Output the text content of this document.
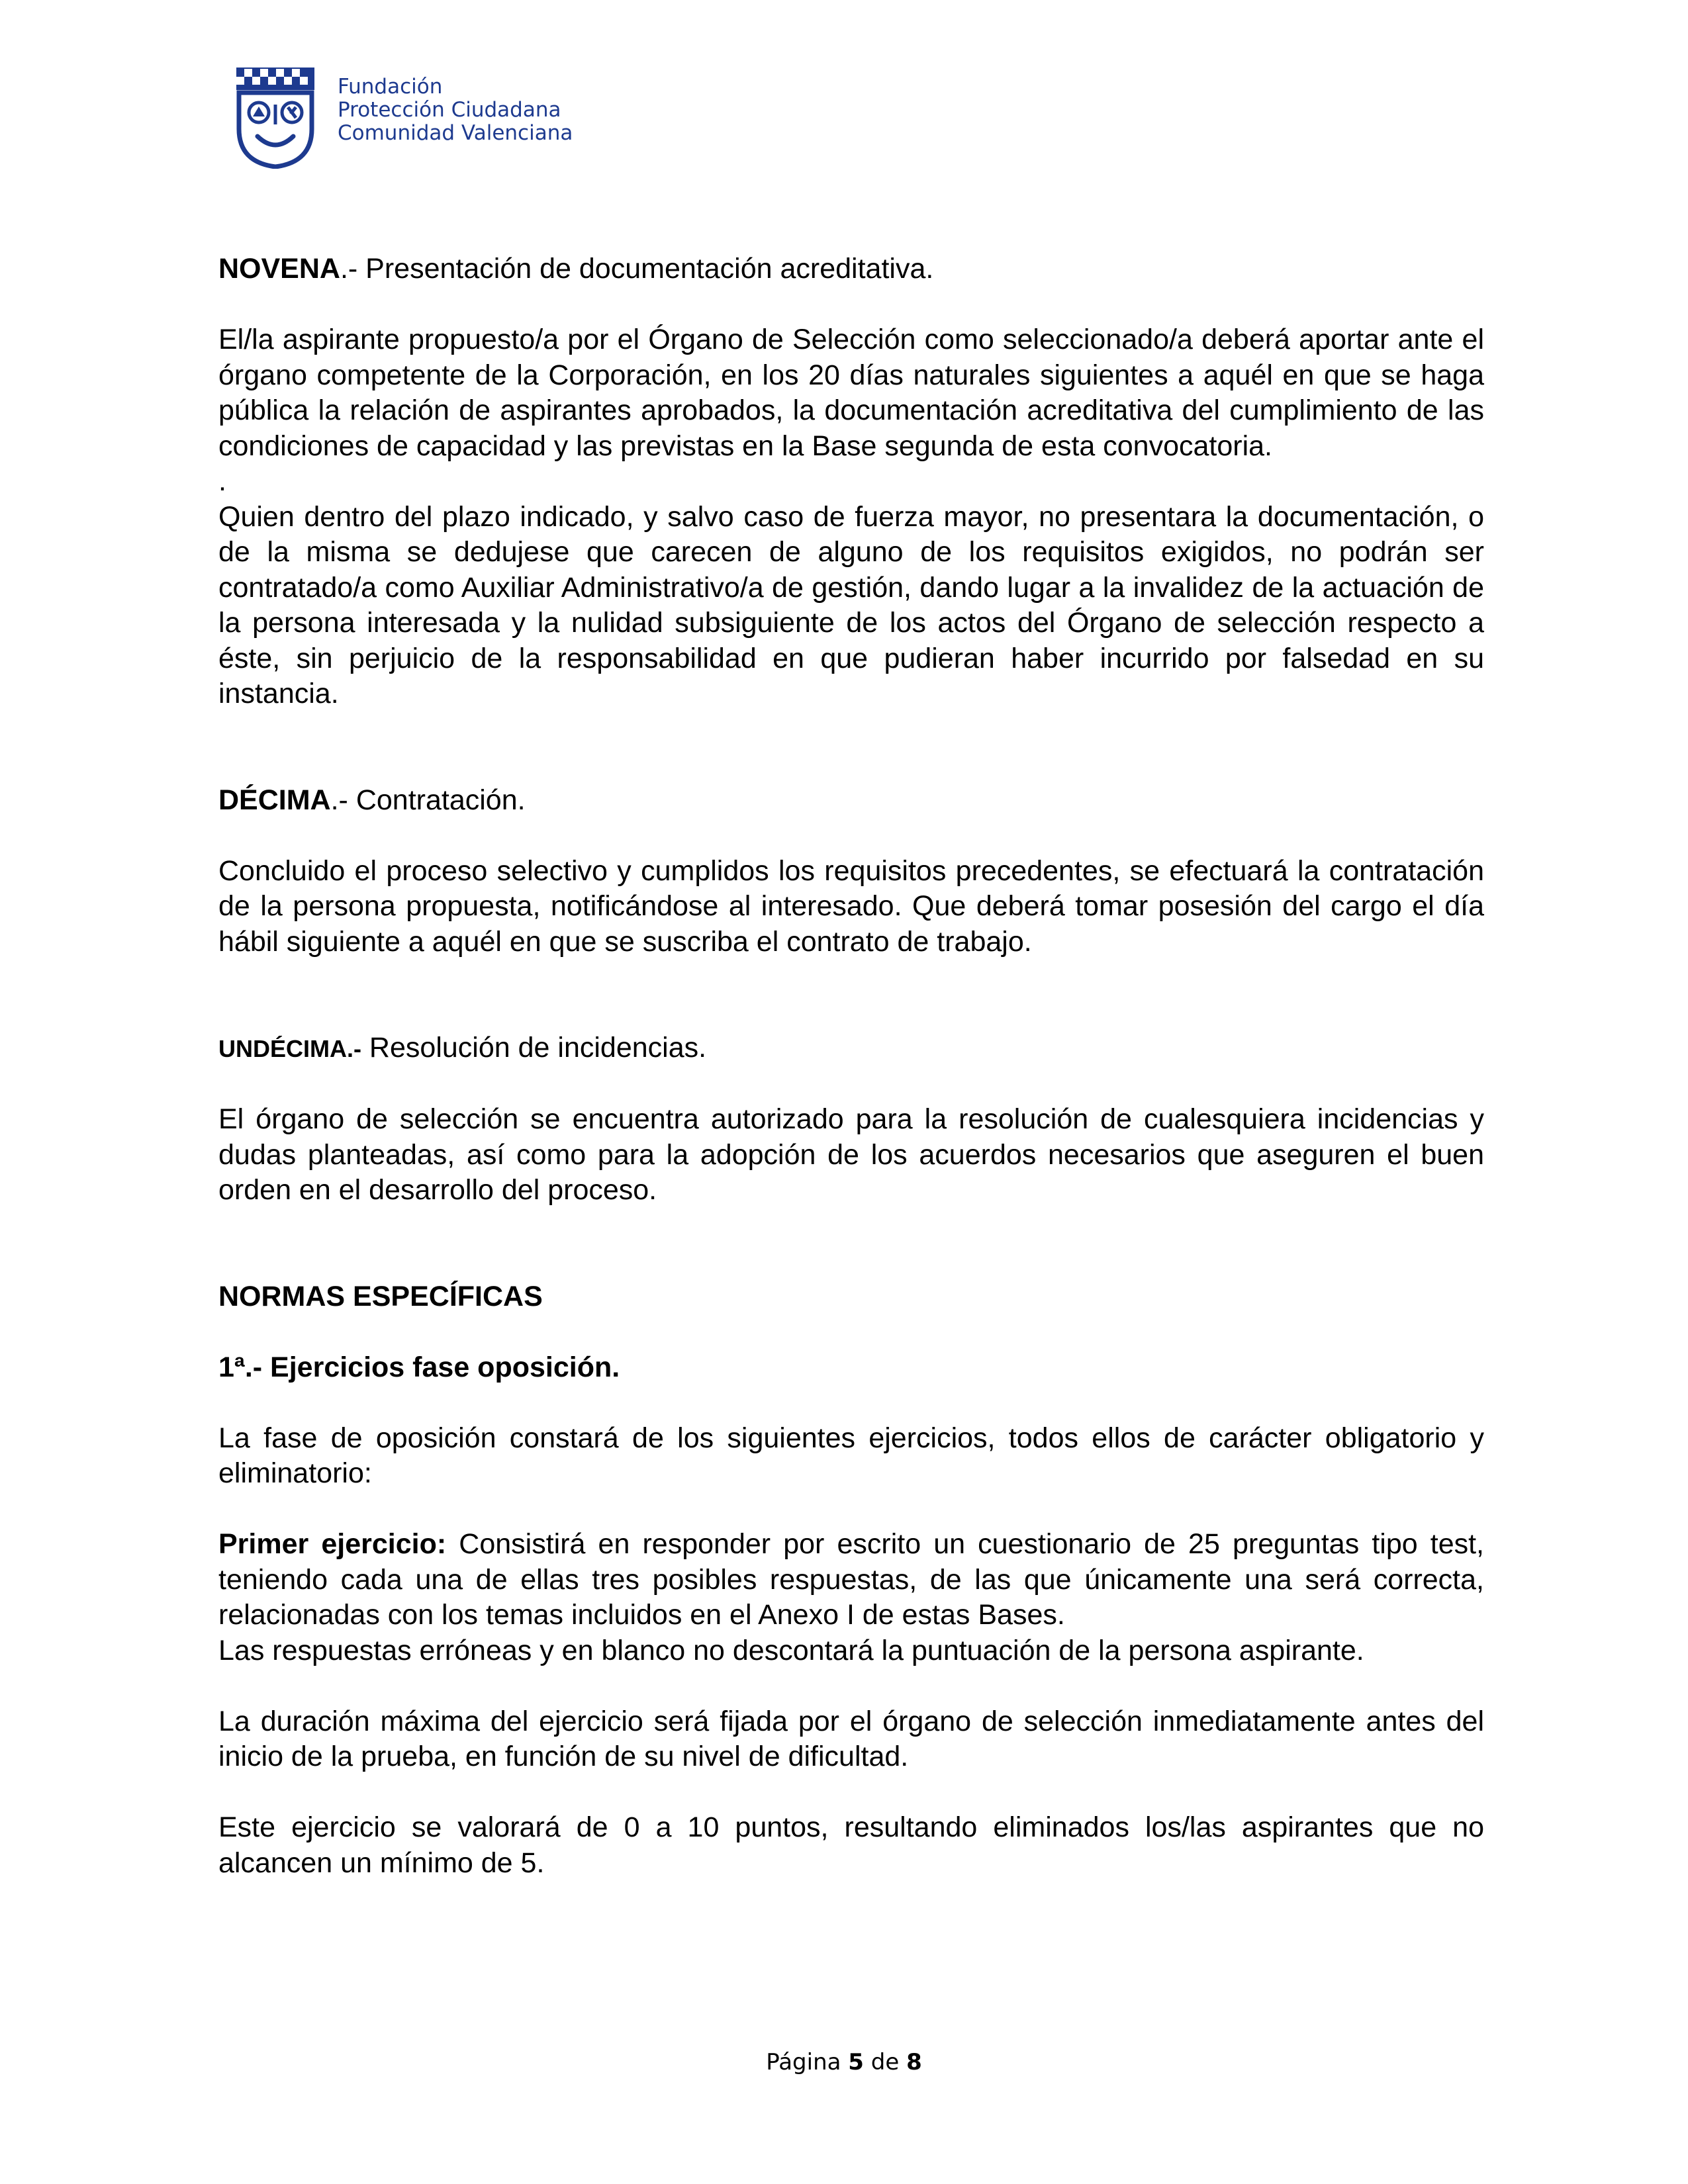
Fundación
Protección Ciudadana
Comunidad Valenciana

NOVENA.- Presentación de documentación acreditativa.

El/la aspirante propuesto/a por el Órgano de Selección como seleccionado/a deberá aportar ante el órgano competente de la Corporación, en los 20 días naturales siguientes a aquél en que se haga pública la relación de aspirantes aprobados, la documentación acreditativa del cumplimiento de las condiciones de capacidad y las previstas en la Base segunda de esta convocatoria.

.

Quien dentro del plazo indicado, y salvo caso de fuerza mayor, no presentara la documentación, o de la misma se dedujese que carecen de alguno de los requisitos exigidos, no podrán ser contratado/a como Auxiliar Administrativo/a de gestión, dando lugar a la invalidez de la actuación de la persona interesada y la nulidad subsiguiente de los actos del Órgano de selección respecto a éste, sin perjuicio de la responsabilidad en que pudieran haber incurrido por falsedad en su instancia.

DÉCIMA.- Contratación.

Concluido el proceso selectivo y cumplidos los requisitos precedentes, se efectuará la contratación de la persona propuesta, notificándose al interesado. Que deberá tomar posesión del cargo el día hábil siguiente a aquél en que se suscriba el contrato de trabajo.

UNDÉCIMA.- Resolución de incidencias.

El órgano de selección se encuentra autorizado para la resolución de cualesquiera incidencias y dudas planteadas, así como para la adopción de los acuerdos necesarios que aseguren el buen orden en el desarrollo del proceso.

NORMAS ESPECÍFICAS

1ª.- Ejercicios fase oposición.

La fase de oposición constará de los siguientes ejercicios, todos ellos de carácter obligatorio y eliminatorio:

Primer ejercicio: Consistirá en responder por escrito un cuestionario de 25 preguntas tipo test, teniendo cada una de ellas tres posibles respuestas, de las que únicamente una será correcta, relacionadas con los temas incluidos en el Anexo I de estas Bases.

Las respuestas erróneas y en blanco no descontará la puntuación de la persona aspirante.

La duración máxima del ejercicio será fijada por el órgano de selección inmediatamente antes del inicio de la prueba, en función de su nivel de dificultad.

Este ejercicio se valorará de 0 a 10 puntos, resultando eliminados los/las aspirantes que no alcancen un mínimo de 5.

Página 5 de 8
